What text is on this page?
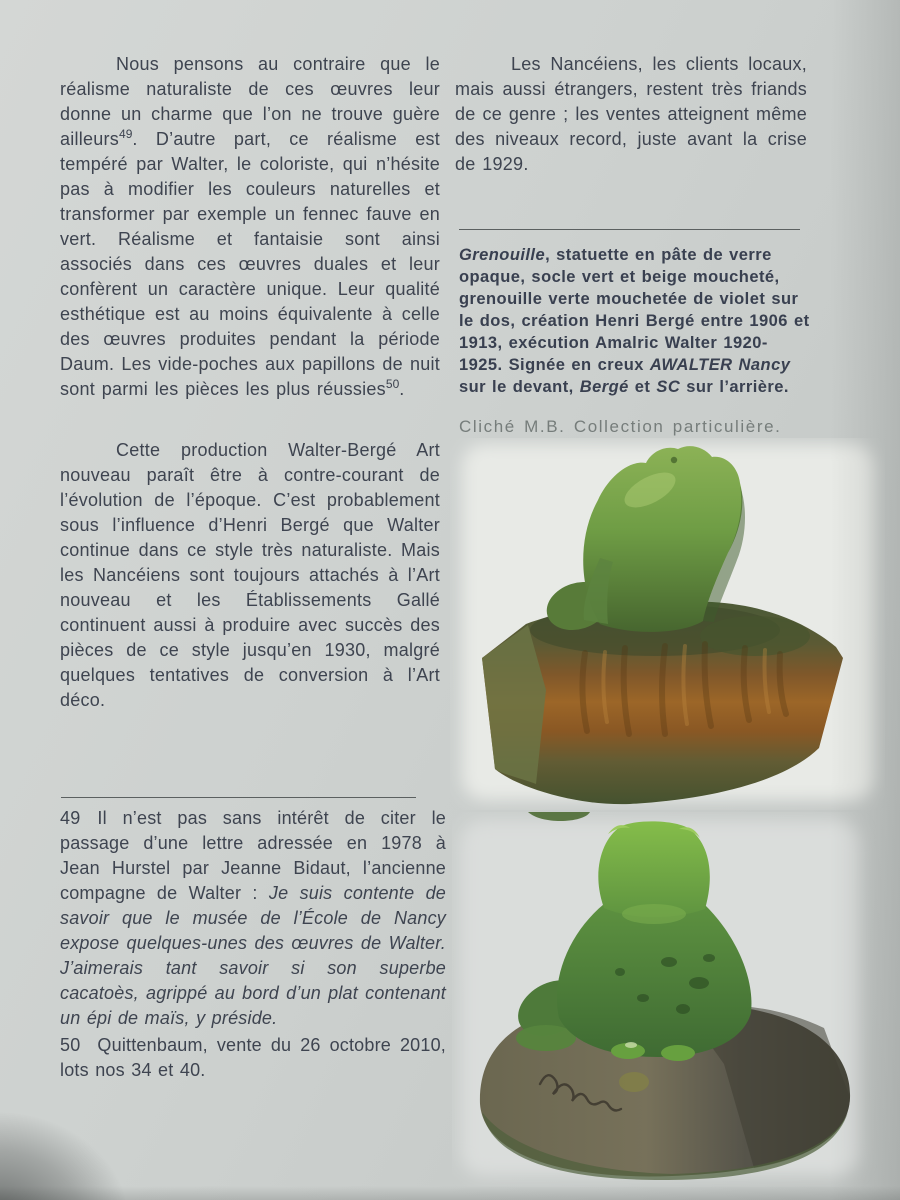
Nous pensons au contraire que le réalisme naturaliste de ces œuvres leur donne un charme que l’on ne trouve guère ailleurs$^{49}$. D’autre part, ce réalisme est tempéré par Walter, le coloriste, qui n’hésite pas à modifier les couleurs naturelles et transformer par exemple un fennec fauve en vert. Réalisme et fantaisie sont ainsi associés dans ces œuvres duales et leur confèrent un caractère unique. Leur qualité esthétique est au moins équivalente à celle des œuvres produites pendant la période Daum. Les vide-poches aux papillons de nuit sont parmi les pièces les plus réussies$^{50}$.

Cette production Walter-Bergé Art nouveau paraît être à contre-courant de l’évolution de l’époque. C’est probablement sous l’influence d’Henri Bergé que Walter continue dans ce style très naturaliste. Mais les Nancéiens sont toujours attachés à l’Art nouveau et les Établissements Gallé continuent aussi à produire avec succès des pièces de ce style jusqu’en 1930, malgré quelques tentatives de conversion à l’Art déco.

49 Il n’est pas sans intérêt de citer le passage d’une lettre adressée en 1978 à Jean Hurstel par Jeanne Bidaut, l’ancienne compagne de Walter : Je suis contente de savoir que le musée de l’École de Nancy expose quelques-unes des œuvres de Walter. J’aimerais tant savoir si son superbe cacatoès, agrippé au bord d’un plat contenant un épi de maïs, y préside.

50 Quittenbaum, vente du 26 octobre 2010, lots nos 34 et 40.

Les Nancéiens, les clients locaux, mais aussi étrangers, restent très friands de ce genre ; les ventes atteignent même des niveaux record, juste avant la crise de 1929.

Grenouille, statuette en pâte de verre opaque, socle vert et beige moucheté, grenouille verte mouchetée de violet sur le dos, création Henri Bergé entre 1906 et 1913, exécution Amalric Walter 1920-1925. Signée en creux AWALTER Nancy sur le devant, Bergé et SC sur l’arrière.

Cliché M.B. Collection particulière.
